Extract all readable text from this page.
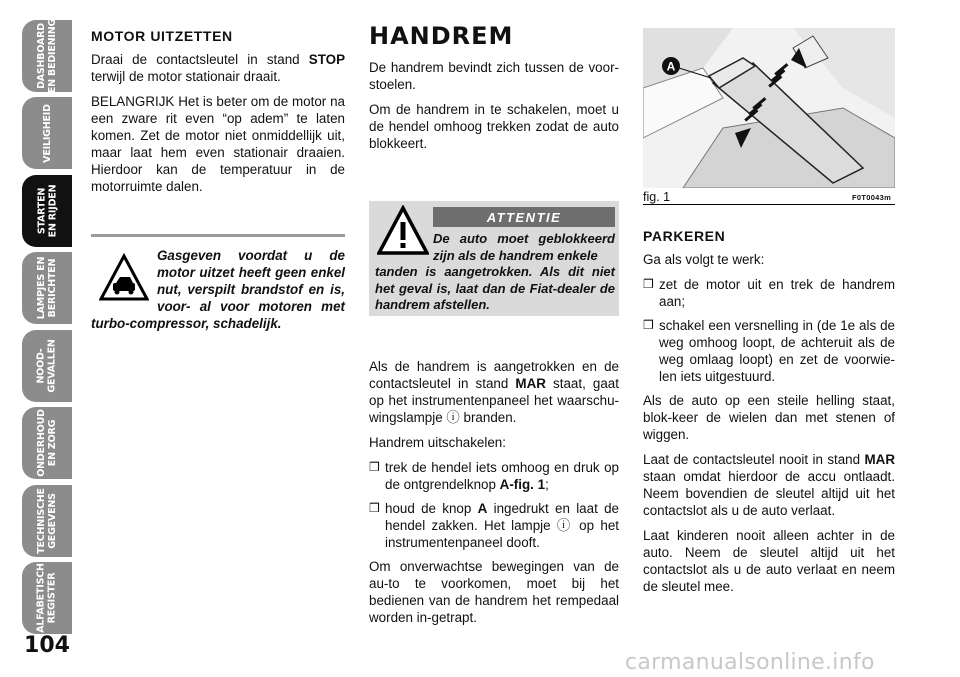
DASHBOARD
EN BEDIENING
VEILIGHEID
STARTEN
EN RIJDEN
LAMPJES EN
BERICHTEN
NOOD-
GEVALLEN
ONDERHOUD
EN ZORG
TECHNISCHE
GEGEVENS
ALFABETISCH
REGISTER
104
MOTOR UITZETTEN

Draai de contactsleutel in stand STOP terwijl de motor stationair draait.

BELANGRIJK Het is beter om de motor na een zware rit even “op adem” te laten komen. Zet de motor niet onmiddellijk uit, maar laat hem even stationair draaien. Hierdoor kan de temperatuur in de motorruimte dalen.

Gasgeven voordat u de motor uitzet heeft geen enkel nut, verspilt brandstof en is, voor- al voor motoren met turbo-compressor, schadelijk.
HANDREM

De handrem bevindt zich tussen de voor-stoelen.

Om de handrem in te schakelen, moet u de hendel omhoog trekken zodat de auto blokkeert.

ATTENTIE
De auto moet geblokkeerd zijn als de handrem enkele
tanden is aangetrokken. Als dit niet het geval is, laat dan de Fiat-dealer de handrem afstellen.

Als de handrem is aangetrokken en de contactsleutel in stand MAR staat, gaat op het instrumentenpaneel het waarschu-wingslampje ⓘ branden.

Handrem uitschakelen:

❒ trek de hendel iets omhoog en druk op de ontgrendelknop A-fig. 1;
❒ houd de knop A ingedrukt en laat de hendel zakken. Het lampje ⓘ op het instrumentenpaneel dooft.

Om onverwachtse bewegingen van de au-to te voorkomen, moet bij het bedienen van de handrem het rempedaal worden in-getrapt.

A
fig. 1	F0T0043m
PARKEREN

Ga als volgt te werk:

❒ zet de motor uit en trek de handrem aan;
❒ schakel een versnelling in (de 1e als de weg omhoog loopt, de achteruit als de weg omlaag loopt) en zet de voorwie-len iets uitgestuurd.

Als de auto op een steile helling staat, blok-keer de wielen dan met stenen of wiggen.

Laat de contactsleutel nooit in stand MAR staan omdat hierdoor de accu ontlaadt. Neem bovendien de sleutel altijd uit het contactslot als u de auto verlaat.

Laat kinderen nooit alleen achter in de auto. Neem de sleutel altijd uit het contactslot als u de auto verlaat en neem de sleutel mee.

carmanualsonline.info
